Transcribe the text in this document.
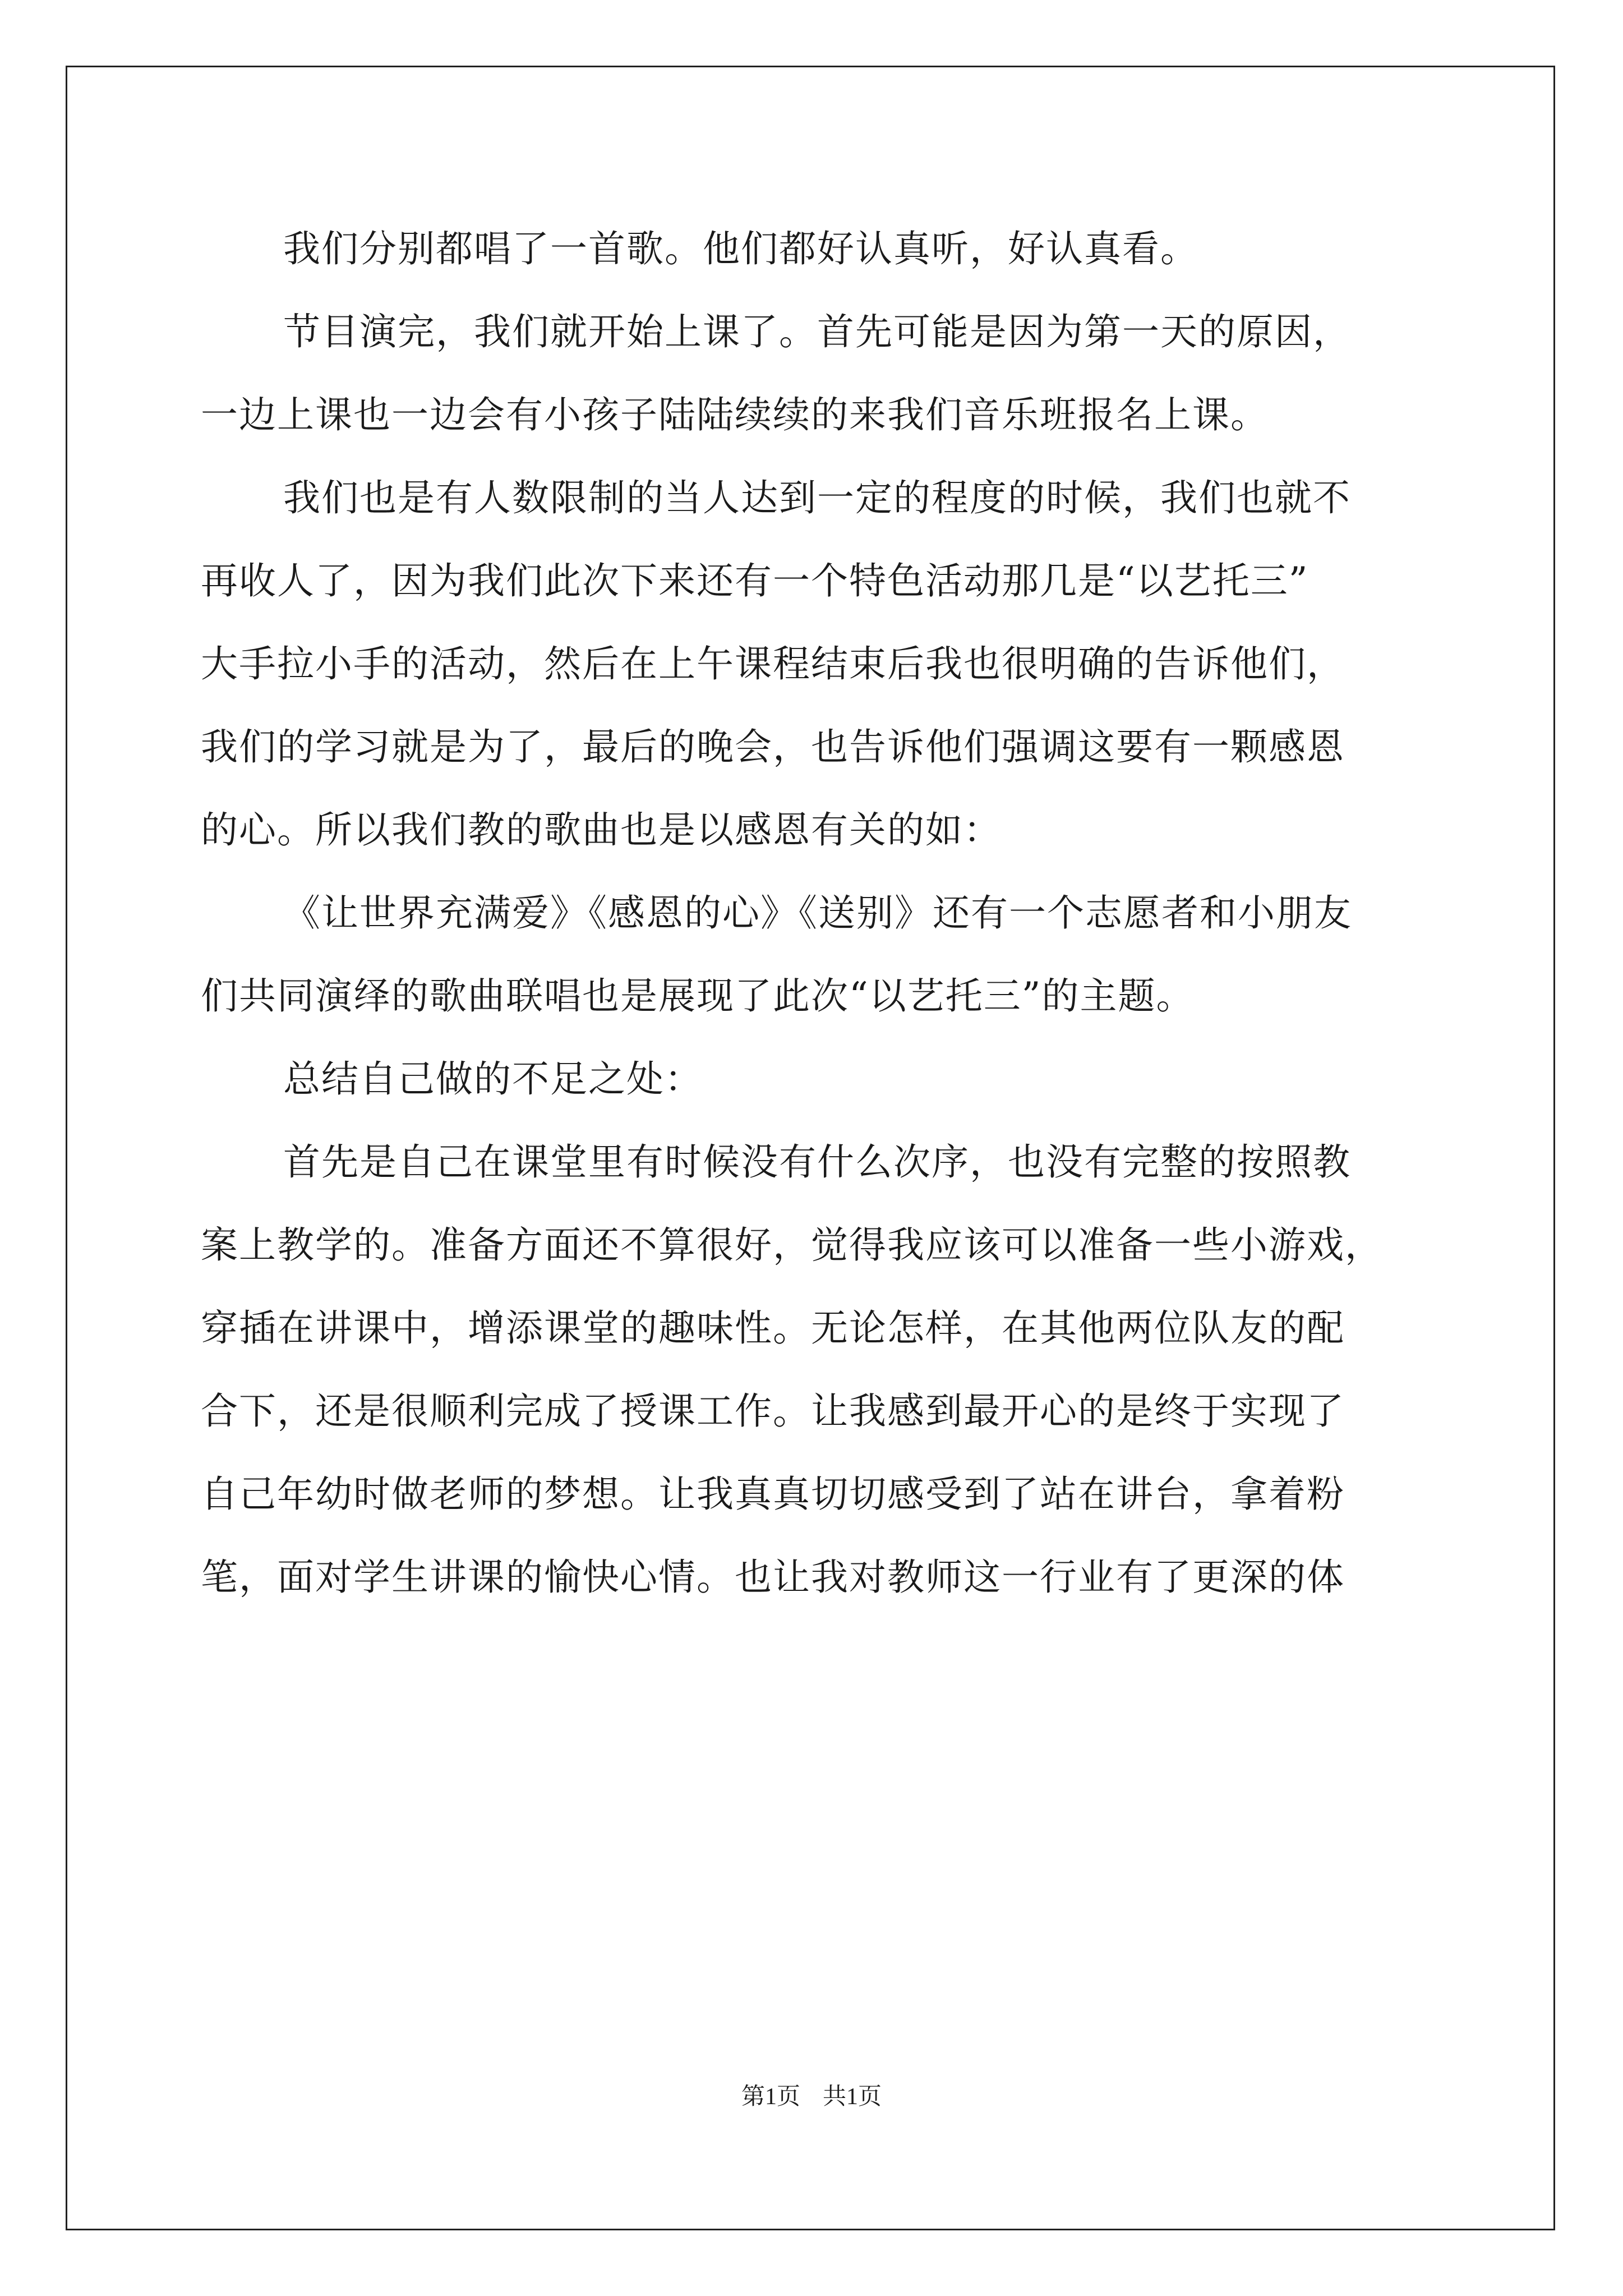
我们分别都唱了一首歌。他们都好认真听，好认真看。
节目演完，我们就开始上课了。首先可能是因为第一天的原因，
一边上课也一边会有小孩子陆陆续续的来我们音乐班报名上课。
我们也是有人数限制的当人达到一定的程度的时候，我们也就不
再收人了，因为我们此次下来还有一个特色活动那几是“以艺托三”
大手拉小手的活动，然后在上午课程结束后我也很明确的告诉他们，
我们的学习就是为了，最后的晚会，也告诉他们强调这要有一颗感恩
的心。所以我们教的歌曲也是以感恩有关的如：
《让世界充满爱》《感恩的心》《送别》还有一个志愿者和小朋友
们共同演绎的歌曲联唱也是展现了此次“以艺托三”的主题。
总结自己做的不足之处：
首先是自己在课堂里有时候没有什么次序，也没有完整的按照教
案上教学的。准备方面还不算很好，觉得我应该可以准备一些小游戏，
穿插在讲课中，增添课堂的趣味性。无论怎样，在其他两位队友的配
合下，还是很顺利完成了授课工作。让我感到最开心的是终于实现了
自己年幼时做老师的梦想。让我真真切切感受到了站在讲台，拿着粉
笔，面对学生讲课的愉快心情。也让我对教师这一行业有了更深的体
第1页 共1页
